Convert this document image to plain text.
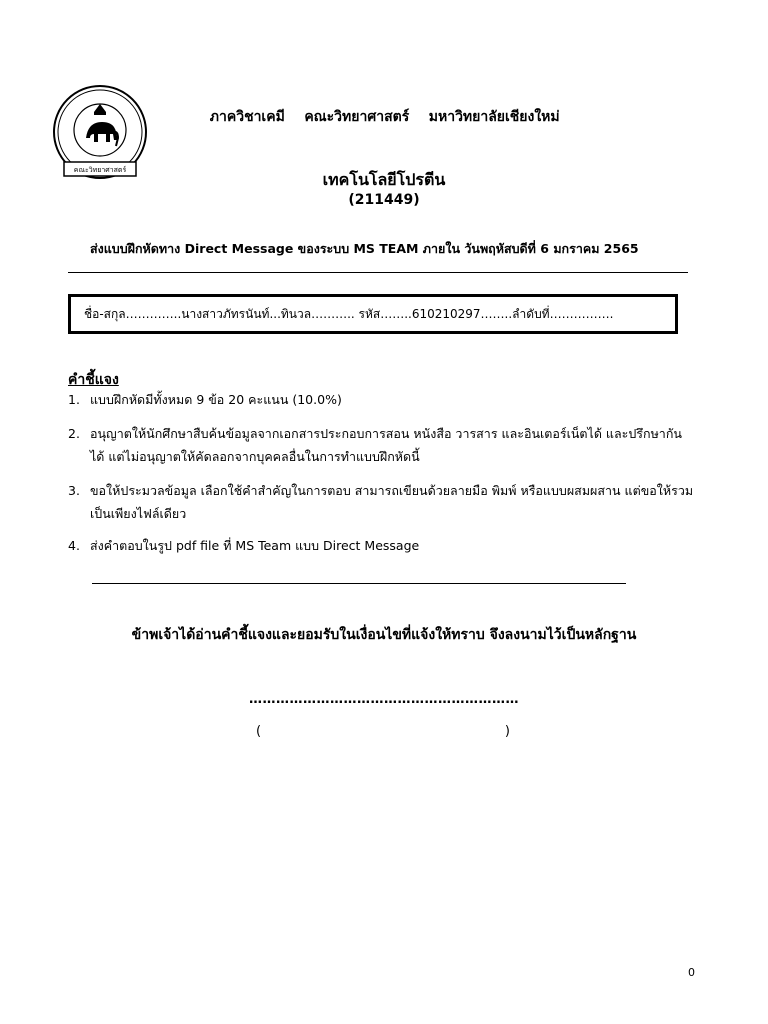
คณะวิทยาศาสตร์

ภาควิชาเคมี คณะวิทยาศาสตร์ มหาวิทยาลัยเชียงใหม่

เทคโนโลยีโปรตีน
(211449)
ส่งแบบฝึกหัดทาง Direct Message ของระบบ MS TEAM ภายใน วันพฤหัสบดีที่ 6 มกราคม 2565
ชื่อ-สกุล…………..นางสาวภัทรนันท์...ทินวล……….. รหัส……..610210297……..ลำดับที่…………….
คำชี้แจง
1. แบบฝึกหัดมีทั้งหมด 9 ข้อ 20 คะแนน (10.0%)
2. อนุญาตให้นักศึกษาสืบค้นข้อมูลจากเอกสารประกอบการสอน หนังสือ วารสาร และอินเตอร์เน็ตได้ และปรึกษากันได้ แต่ไม่อนุญาตให้คัดลอกจากบุคคลอื่นในการทำแบบฝึกหัดนี้
3. ขอให้ประมวลข้อมูล เลือกใช้คำสำคัญในการตอบ สามารถเขียนด้วยลายมือ พิมพ์ หรือแบบผสมผสาน แต่ขอให้รวมเป็นเพียงไฟล์เดียว
4. ส่งคำตอบในรูป pdf file ที่ MS Team แบบ Direct Message
ข้าพเจ้าได้อ่านคำชี้แจงและยอมรับในเงื่อนไขที่แจ้งให้ทราบ จึงลงนามไว้เป็นหลักฐาน
……………………………………………………
(	)
0
